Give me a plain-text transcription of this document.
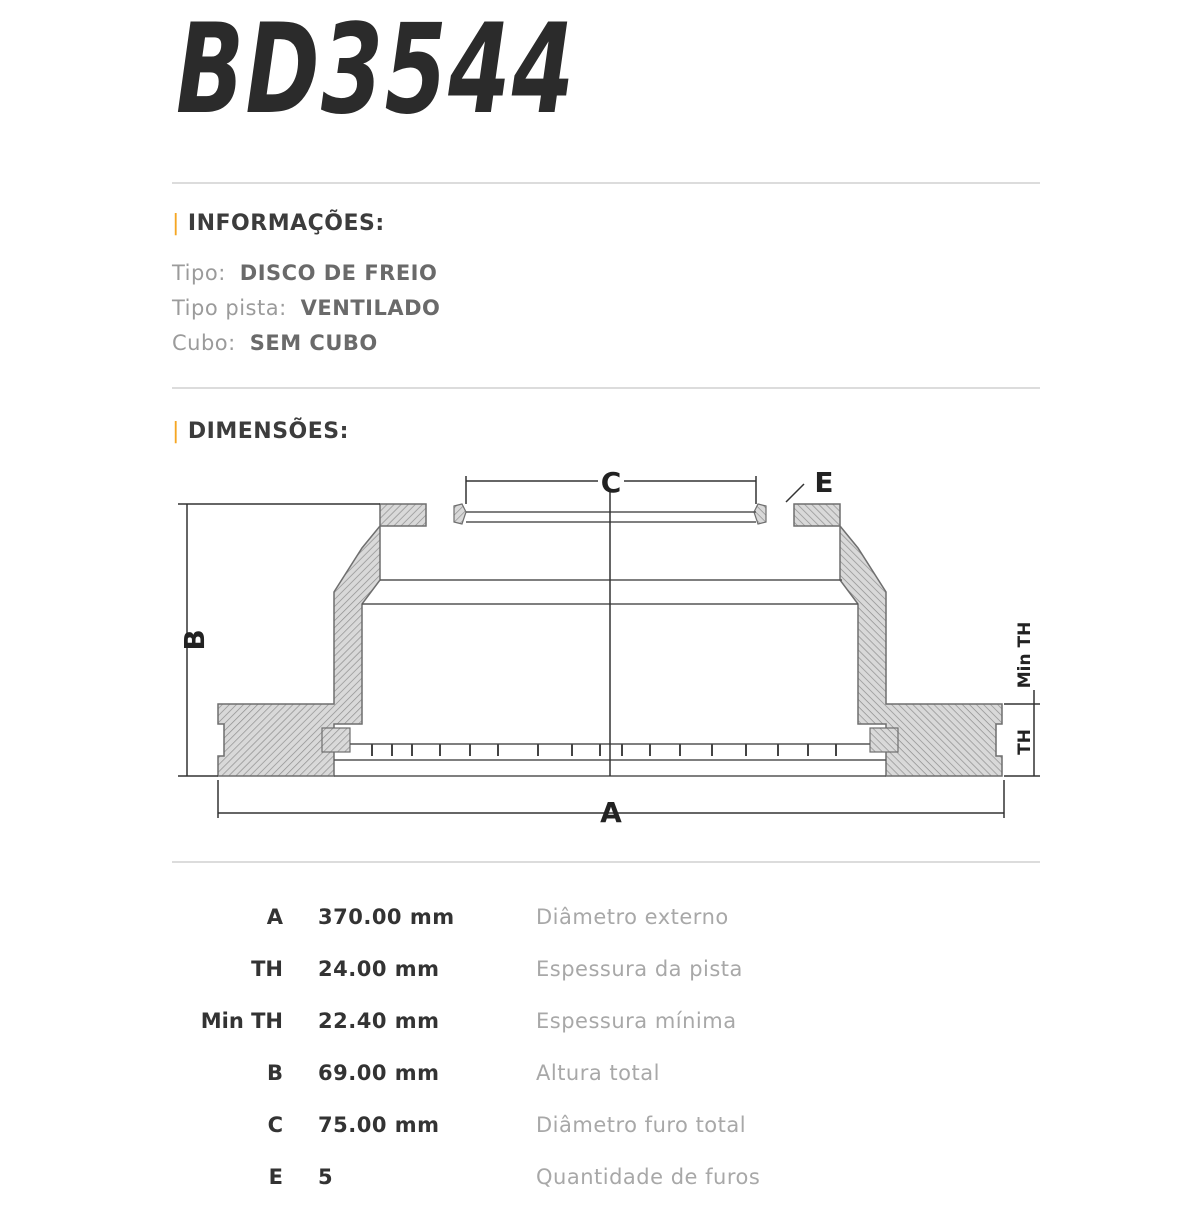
BD3544
| INFORMAÇÕES:
Tipo: DISCO DE FREIO
Tipo pista: VENTILADO
Cubo: SEM CUBO
| DIMENSÕES:
C	E
B
A
TH
Min TH
A 370.00 mm	Diâmetro externo
TH 24.00 mm	Espessura da pista
Min TH 22.40 mm	Espessura mínima
B 69.00 mm	Altura total
C 75.00 mm	Diâmetro furo total
E 5	Quantidade de furos
